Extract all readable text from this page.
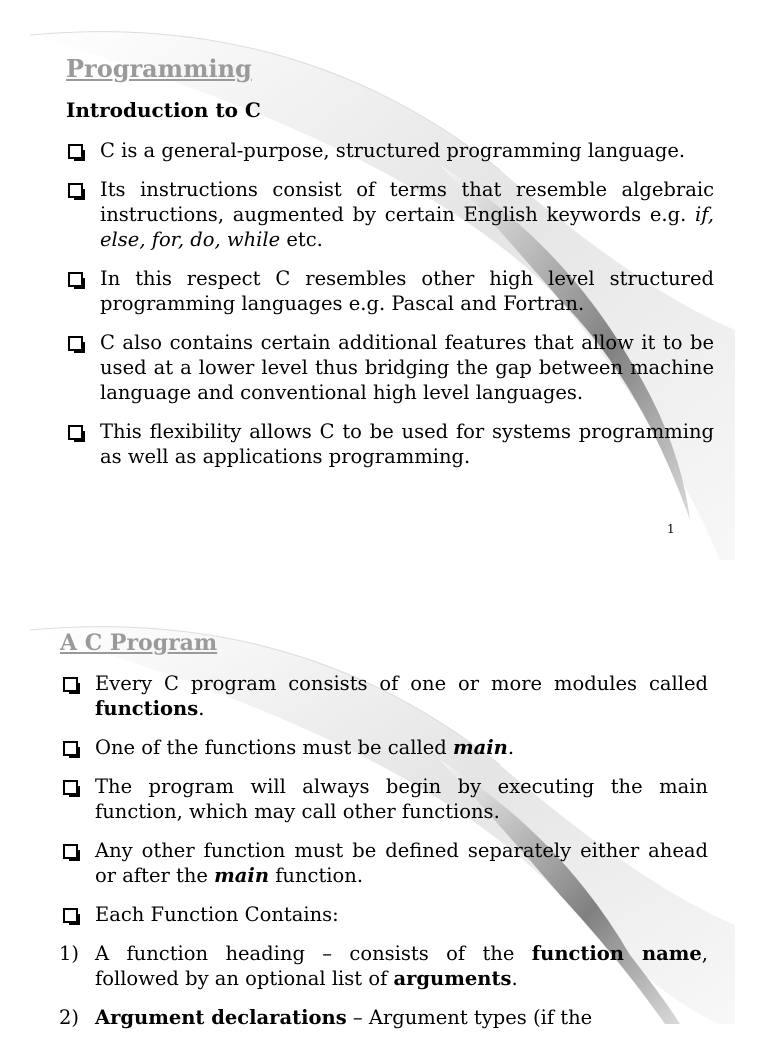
Programming
Introduction to C
C is a general-purpose, structured programming language.
Its instructions consist of terms that resemble algebraic instructions, augmented by certain English keywords e.g. if, else, for, do, while etc.
In this respect C resembles other high level structured programming languages e.g. Pascal and Fortran.
C also contains certain additional features that allow it to be used at a lower level thus bridging the gap between machine language and conventional high level languages.
This flexibility allows C to be used for systems programming as well as applications programming.
1
A C Program
Every C program consists of one or more modules called functions.
One of the functions must be called main.
The program will always begin by executing the main function, which may call other functions.
Any other function must be defined separately either ahead or after the main function.
Each Function Contains:
1) A function heading – consists of the function name, followed by an optional list of arguments.
2) Argument declarations – Argument types (if the
